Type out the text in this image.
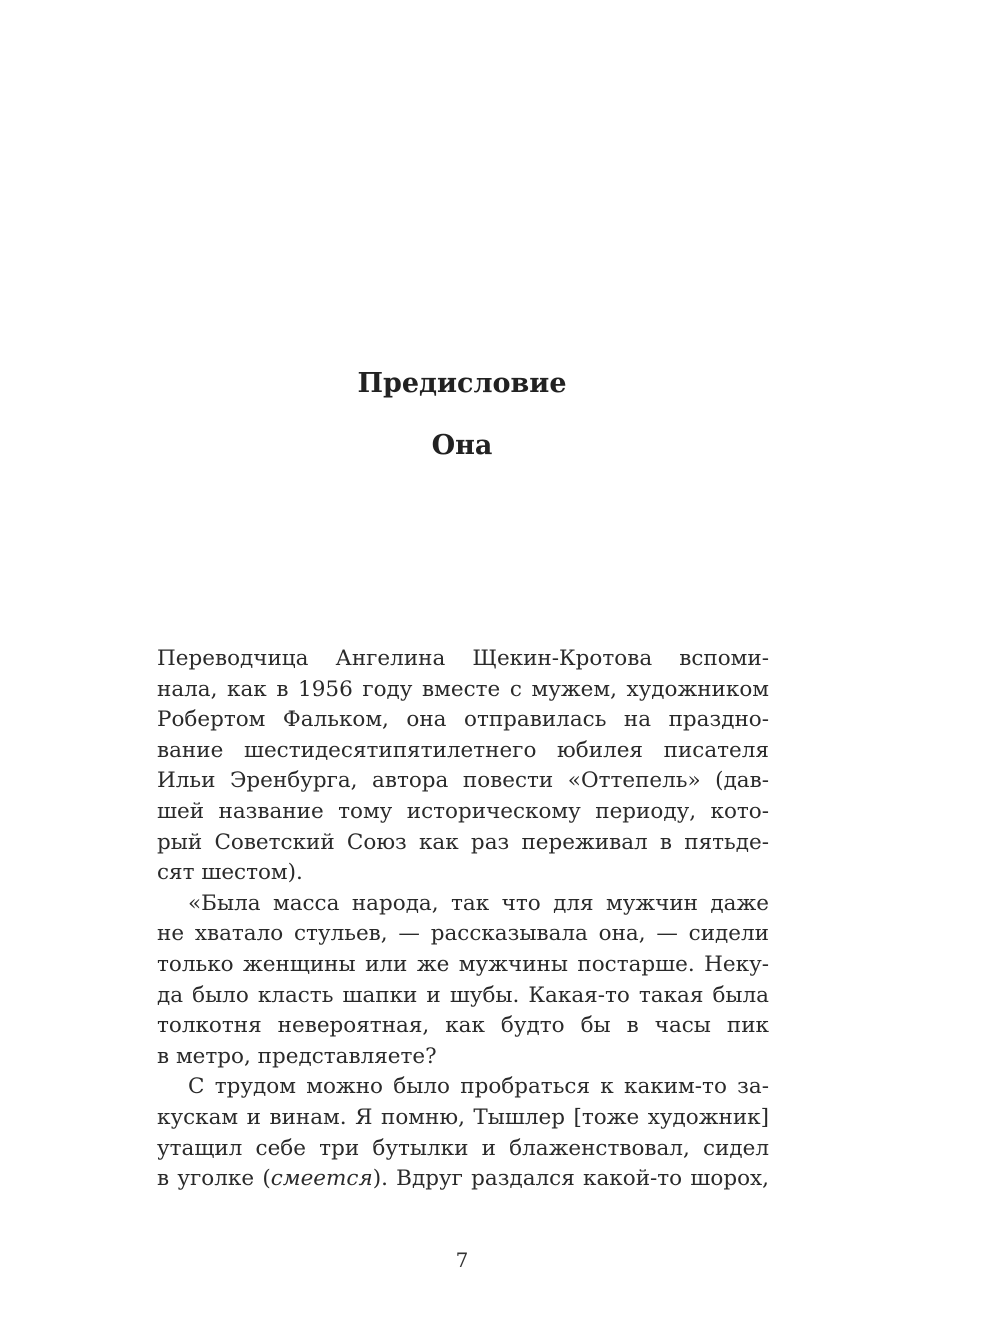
Предисловие
Она
Переводчица Ангелина Щекин-Кротова вспоми-
нала, как в 1956 году вместе с мужем, художником
Робертом Фальком, она отправилась на праздно-
вание шестидесятипятилетнего юбилея писателя
Ильи Эренбурга, автора повести «Оттепель» (дав-
шей название тому историческому периоду, кото-
рый Советский Союз как раз переживал в пятьде-
сят шестом).
«Была масса народа, так что для мужчин даже
не хватало стульев, — рассказывала она, — сидели
только женщины или же мужчины постарше. Неку-
да было класть шапки и шубы. Какая-то такая была
толкотня невероятная, как будто бы в часы пик
в метро, представляете?
С трудом можно было пробраться к каким-то за-
кускам и винам. Я помню, Тышлер [тоже художник]
утащил себе три бутылки и блаженствовал, сидел
в уголке (смеется). Вдруг раздался какой-то шорох,
7
